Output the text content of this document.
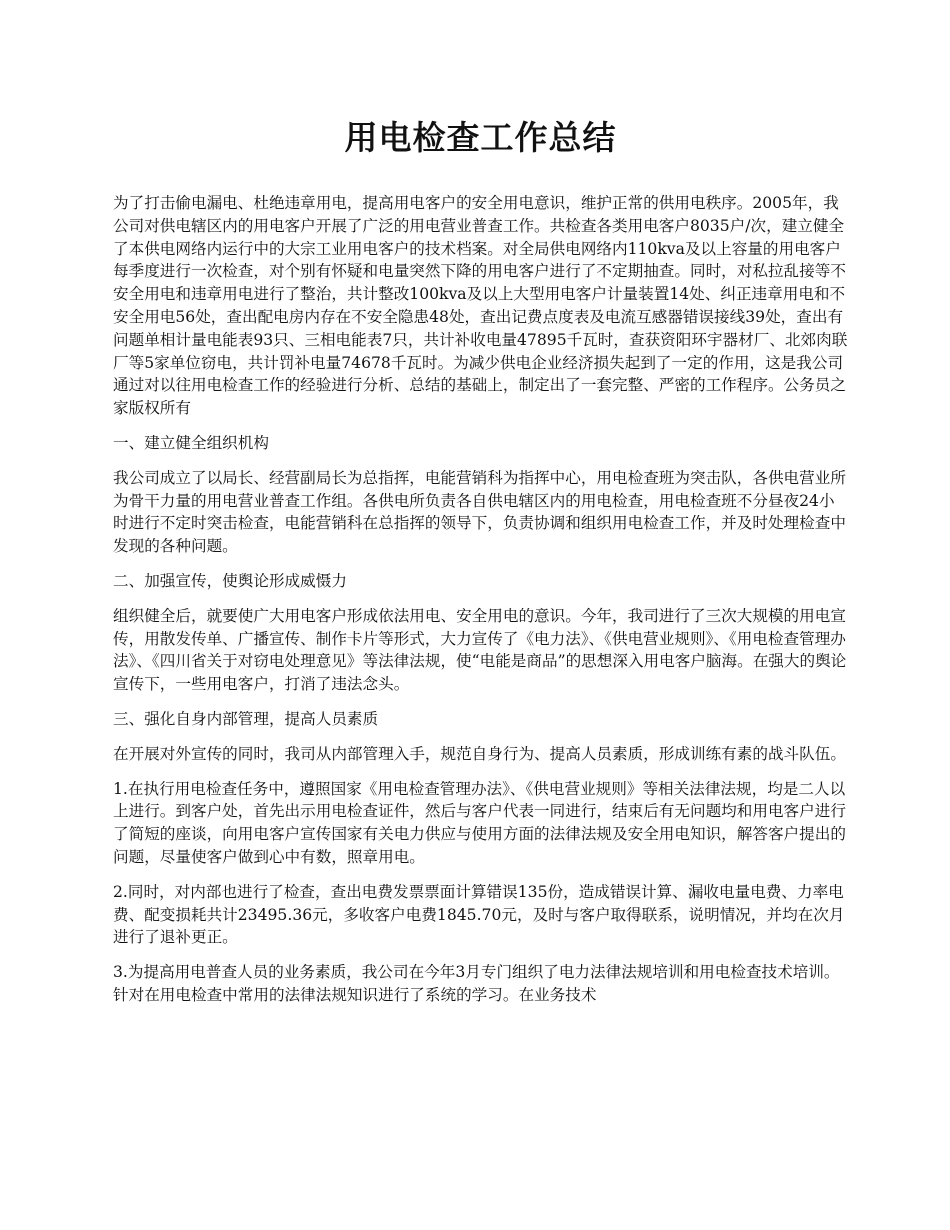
用电检查工作总结

为了打击偷电漏电、杜绝违章用电，提高用电客户的安全用电意识，维护正常的供用电秩序。2005年，我公司对供电辖区内的用电客户开展了广泛的用电营业普查工作。共检查各类用电客户8035户/次，建立健全了本供电网络内运行中的大宗工业用电客户的技术档案。对全局供电网络内110kva及以上容量的用电客户每季度进行一次检查，对个别有怀疑和电量突然下降的用电客户进行了不定期抽查。同时，对私拉乱接等不安全用电和违章用电进行了整治，共计整改100kva及以上大型用电客户计量装置14处、纠正违章用电和不安全用电56处，查出配电房内存在不安全隐患48处，查出记费点度表及电流互感器错误接线39处，查出有问题单相计量电能表93只、三相电能表7只，共计补收电量47895千瓦时，查获资阳环宇器材厂、北郊肉联厂等5家单位窃电，共计罚补电量74678千瓦时。为减少供电企业经济损失起到了一定的作用，这是我公司通过对以往用电检查工作的经验进行分析、总结的基础上，制定出了一套完整、严密的工作程序。公务员之家版权所有

一、建立健全组织机构

我公司成立了以局长、经营副局长为总指挥，电能营销科为指挥中心，用电检查班为突击队，各供电营业所为骨干力量的用电营业普查工作组。各供电所负责各自供电辖区内的用电检查，用电检查班不分昼夜24小时进行不定时突击检查，电能营销科在总指挥的领导下，负责协调和组织用电检查工作，并及时处理检查中发现的各种问题。

二、加强宣传，使舆论形成威慑力

组织健全后，就要使广大用电客户形成依法用电、安全用电的意识。今年，我司进行了三次大规模的用电宣传，用散发传单、广播宣传、制作卡片等形式，大力宣传了《电力法》、《供电营业规则》、《用电检查管理办法》、《四川省关于对窃电处理意见》等法律法规，使“电能是商品”的思想深入用电客户脑海。在强大的舆论宣传下，一些用电客户，打消了违法念头。

三、强化自身内部管理，提高人员素质

在开展对外宣传的同时，我司从内部管理入手，规范自身行为、提高人员素质，形成训练有素的战斗队伍。

1.在执行用电检查任务中，遵照国家《用电检查管理办法》、《供电营业规则》等相关法律法规，均是二人以上进行。到客户处，首先出示用电检查证件，然后与客户代表一同进行，结束后有无问题均和用电客户进行了简短的座谈，向用电客户宣传国家有关电力供应与使用方面的法律法规及安全用电知识，解答客户提出的问题，尽量使客户做到心中有数，照章用电。

2.同时，对内部也进行了检查，查出电费发票票面计算错误135份，造成错误计算、漏收电量电费、力率电费、配变损耗共计23495.36元，多收客户电费1845.70元，及时与客户取得联系，说明情况，并均在次月进行了退补更正。

3.为提高用电普查人员的业务素质，我公司在今年3月专门组织了电力法律法规培训和用电检查技术培训。针对在用电检查中常用的法律法规知识进行了系统的学习。在业务技术
